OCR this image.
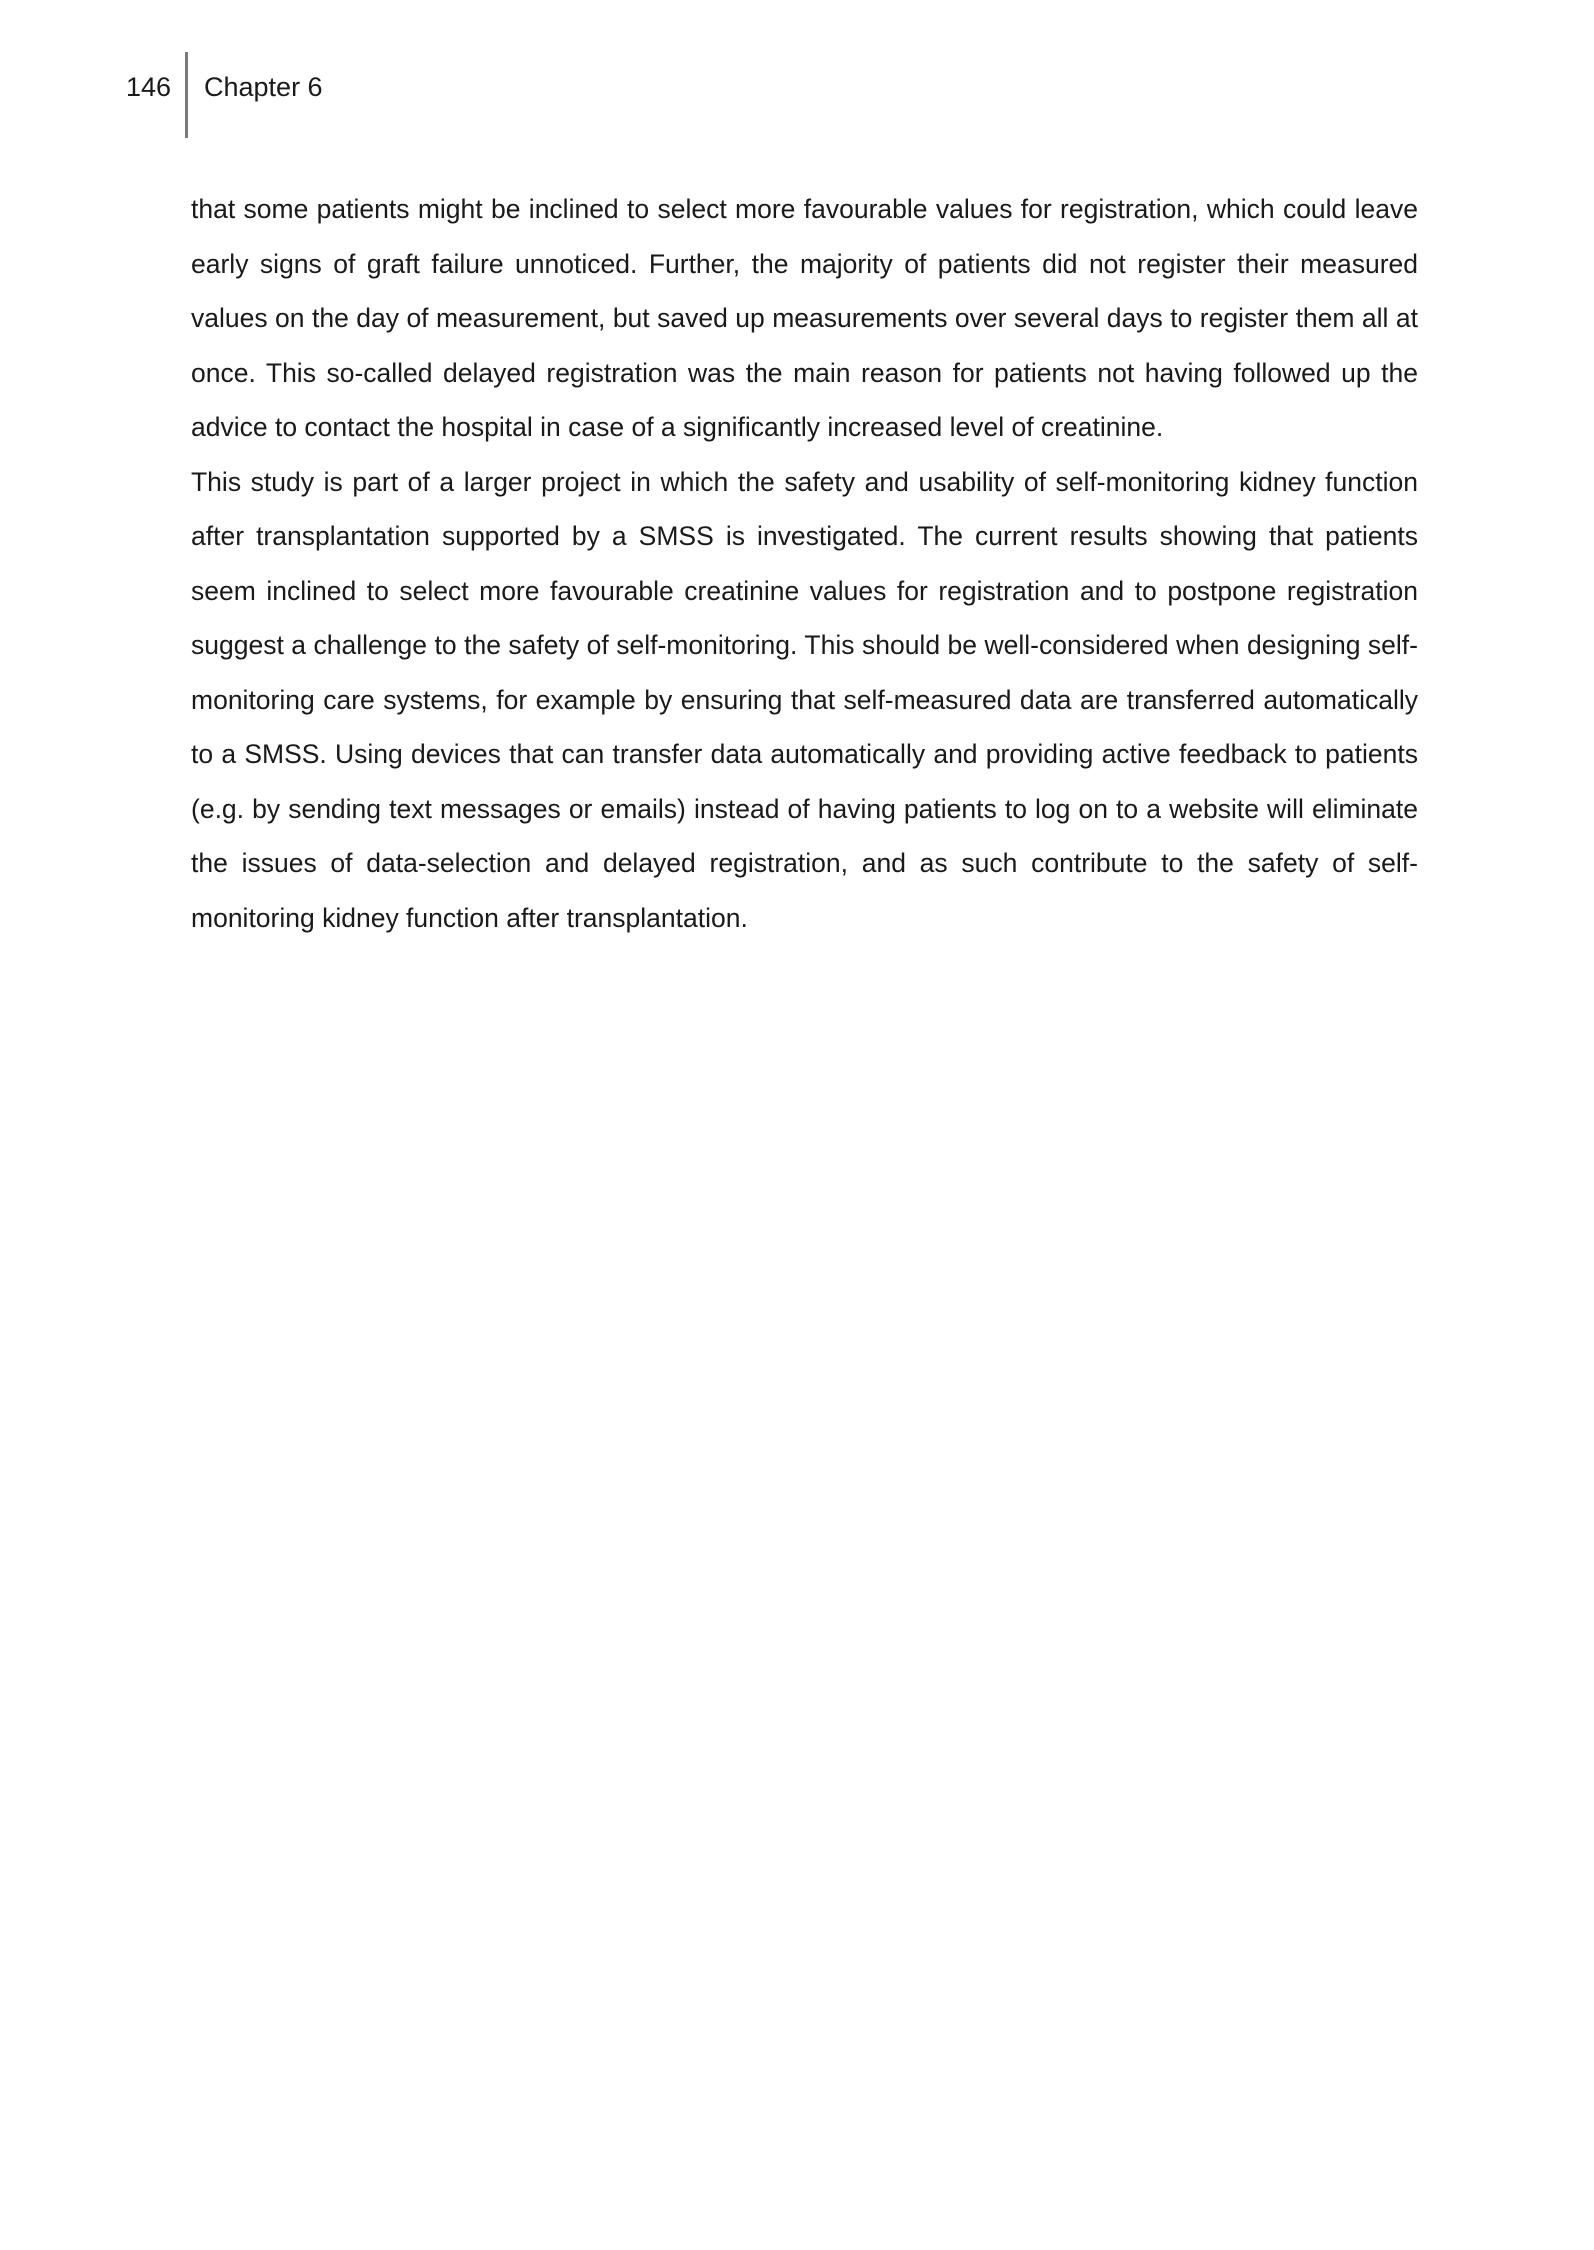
146 Chapter 6

that some patients might be inclined to select more favourable values for registration, which could leave early signs of graft failure unnoticed. Further, the majority of patients did not register their measured values on the day of measurement, but saved up measurements over several days to register them all at once. This so-called delayed registration was the main reason for patients not having followed up the advice to contact the hospital in case of a significantly increased level of creatinine.

This study is part of a larger project in which the safety and usability of self-monitoring kidney function after transplantation supported by a SMSS is investigated. The current results showing that patients seem inclined to select more favourable creatinine values for registration and to postpone registration suggest a challenge to the safety of self-monitoring. This should be well-considered when designing self-monitoring care systems, for example by ensuring that self-measured data are transferred automatically to a SMSS. Using devices that can transfer data automatically and providing active feedback to patients (e.g. by sending text messages or emails) instead of having patients to log on to a website will eliminate the issues of data-selection and delayed registration, and as such contribute to the safety of self-monitoring kidney function after transplantation.
